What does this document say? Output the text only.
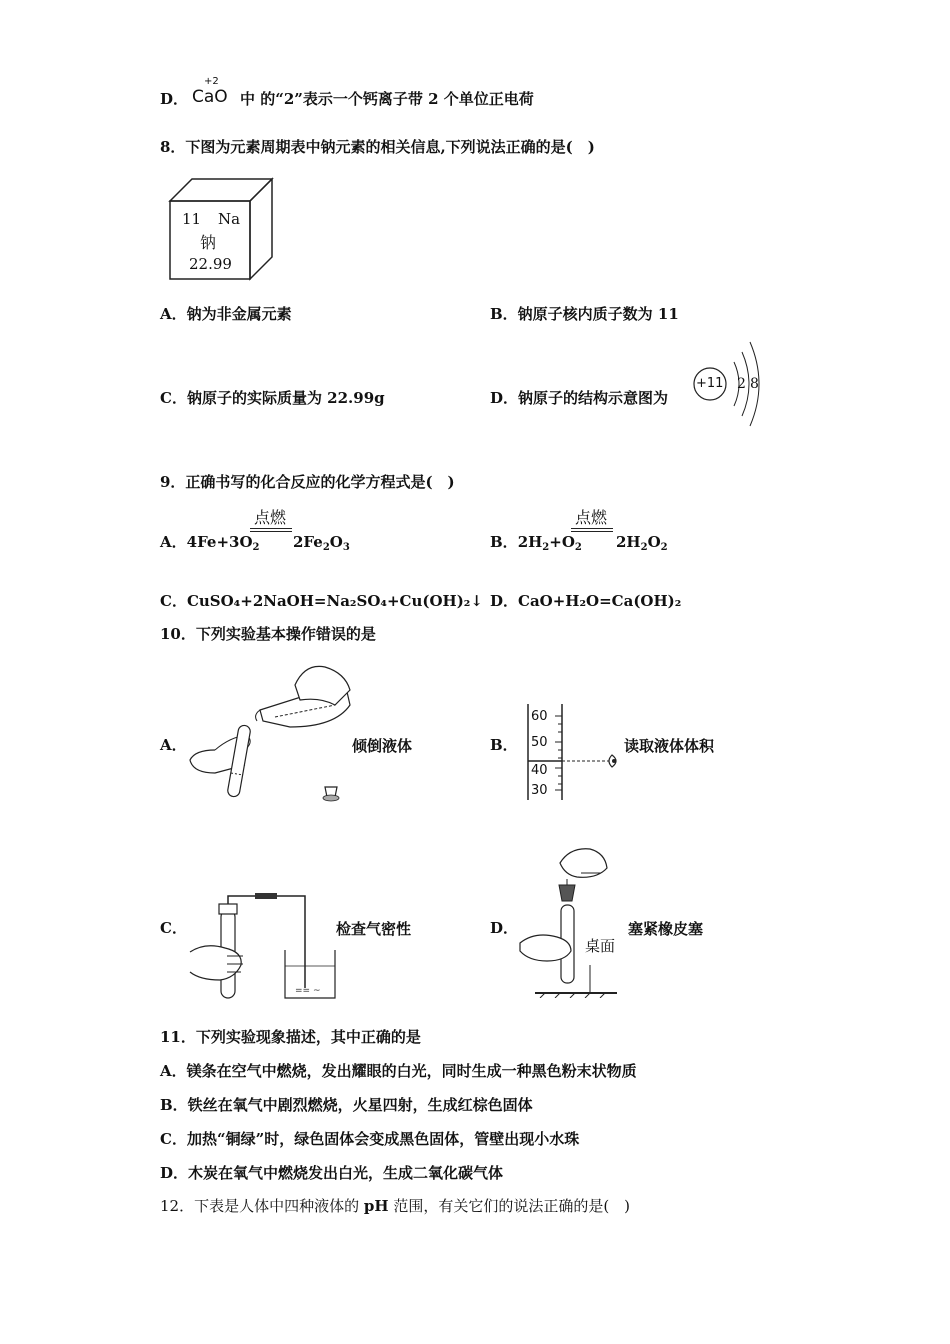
D．
+2
CaO 中 的“2”表示一个钙离子带 2 个单位正电荷
8．下图为元素周期表中钠元素的相关信息,下列说法正确的是(　)
11 Na
钠
22.99
A．钠为非金属元素	B．钠原子核内质子数为 11
C．钠原子的实际质量为 22.99g	D．钠原子的结构示意图为
+11 2 8
9．正确书写的化合反应的化学方程式是(　)
点燃
A．$4Fe+3O_2$ $2Fe_2O_3$
点燃
B．$2H_2+O_2$ $2H_2O_2$
C．CuSO₄+2NaOH=Na₂SO₄+Cu(OH)₂↓ D．CaO+H₂O=Ca(OH)₂
10．下列实验基本操作错误的是
A．	倾倒液体	B．
60
50
40
30
读取液体体积
C．
== ~
检查气密性	D．
桌面
塞紧橡皮塞
11．下列实验现象描述，其中正确的是
A．镁条在空气中燃烧，发出耀眼的白光，同时生成一种黑色粉末状物质
B．铁丝在氧气中剧烈燃烧，火星四射，生成红棕色固体
C．加热“铜绿”时，绿色固体会变成黑色固体，管壁出现小水珠
D．木炭在氧气中燃烧发出白光，生成二氧化碳气体
12．下表是人体中四种液体的 pH 范围，有关它们的说法正确的是(　)
